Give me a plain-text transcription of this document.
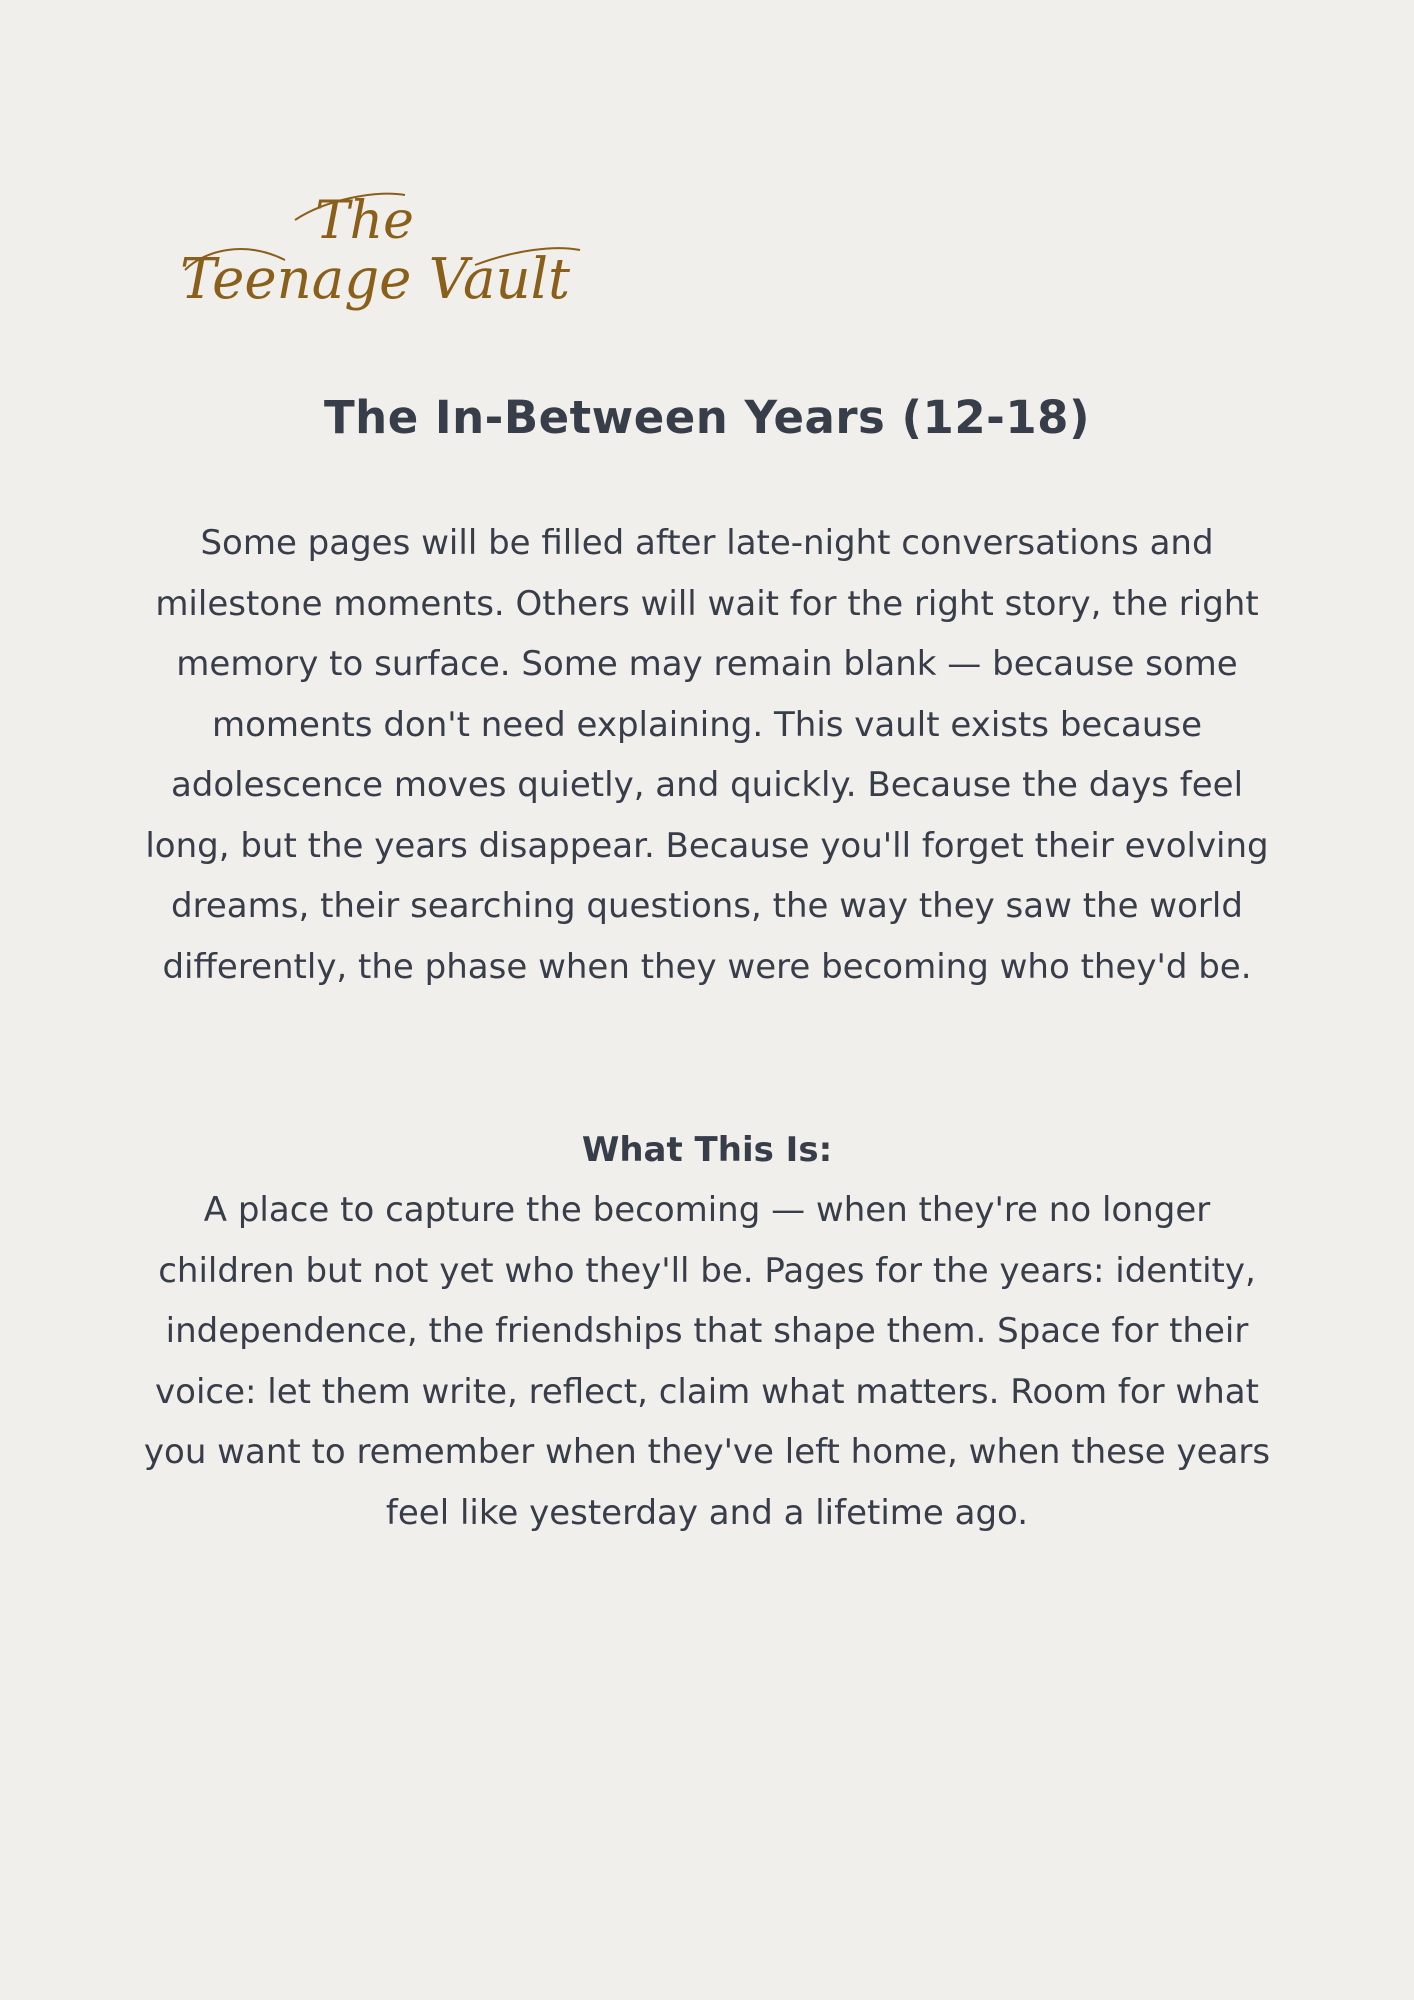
The
Teenage Vault
The In-Between Years (12-18)

Some pages will be filled after late-night conversations and milestone moments. Others will wait for the right story, the right memory to surface. Some may remain blank — because some moments don't need explaining. This vault exists because adolescence moves quietly, and quickly. Because the days feel long, but the years disappear. Because you'll forget their evolving dreams, their searching questions, the way they saw the world differently, the phase when they were becoming who they'd be.

What This Is:

A place to capture the becoming — when they're no longer children but not yet who they'll be. Pages for the years: identity, independence, the friendships that shape them. Space for their voice: let them write, reflect, claim what matters. Room for what you want to remember when they've left home, when these years feel like yesterday and a lifetime ago.
